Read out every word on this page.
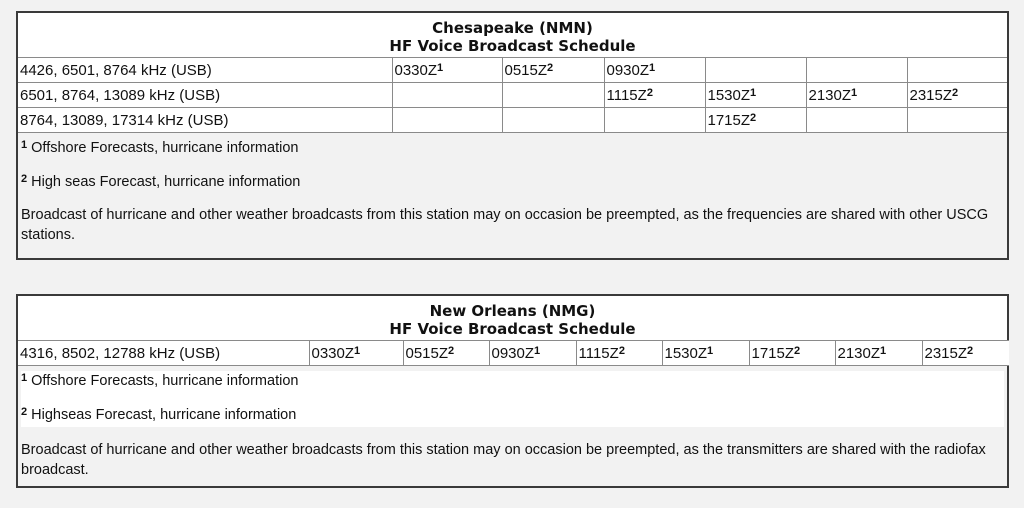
Chesapeake (NMN)
HF Voice Broadcast Schedule
4426, 6501, 8764 kHz (USB)	$0330Z^1$	$0515Z^2$	$0930Z^1$			
6501, 8764, 13089 kHz (USB)			$1115Z^2$	$1530Z^1$	$2130Z^1$	$2315Z^2$
8764, 13089, 17314 kHz (USB)				$1715Z^2$		
$^1$ Offshore Forecasts, hurricane information
$^2$ High seas Forecast, hurricane information
Broadcast of hurricane and other weather broadcasts from this station may on occasion be preempted, as the frequencies are shared with other USCG stations.
New Orleans (NMG)
HF Voice Broadcast Schedule
4316, 8502, 12788 kHz (USB)	$0330Z^1$	$0515Z^2$	$0930Z^1$	$1115Z^2$	$1530Z^1$	$1715Z^2$	$2130Z^1$	$2315Z^2$
$^1$ Offshore Forecasts, hurricane information
$^2$ Highseas Forecast, hurricane information
Broadcast of hurricane and other weather broadcasts from this station may on occasion be preempted, as the transmitters are shared with the radiofax broadcast.
